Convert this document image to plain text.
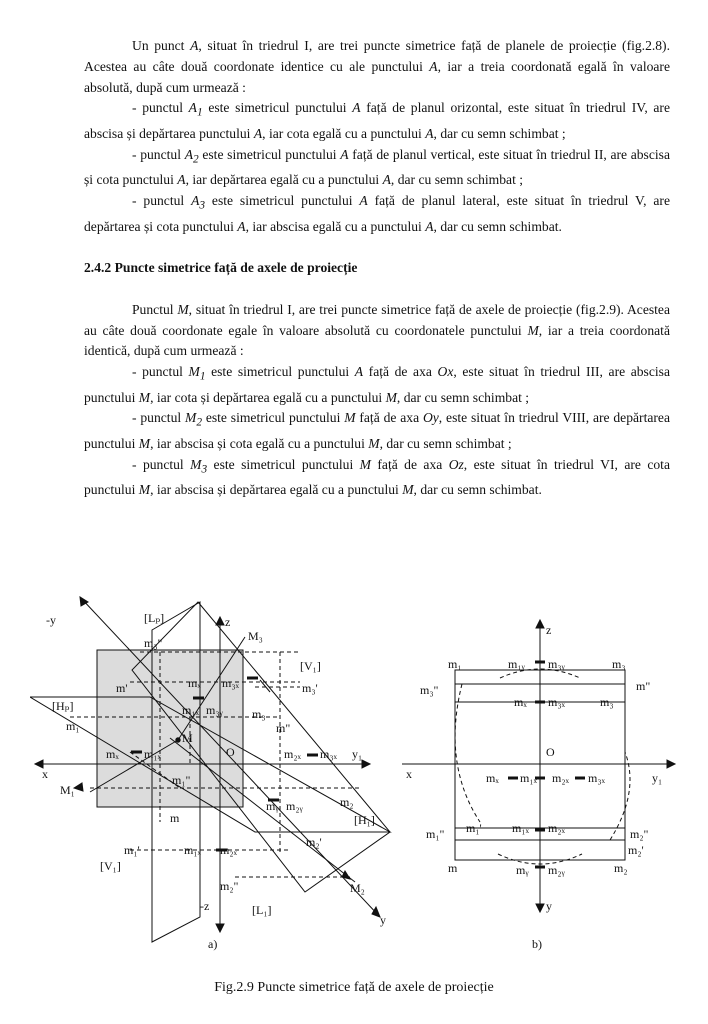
Un punct A, situat în triedrul I, are trei puncte simetrice față de planele de proiecție (fig.2.8). Acestea au câte două coordonate identice cu ale punctului A, iar a treia coordonată egală în valoare absolută, după cum urmează :

- punctul $A_1$ este simetricul punctului A față de planul orizontal, este situat în triedrul IV, are abscisa și depărtarea punctului A, iar cota egală cu a punctului A, dar cu semn schimbat ;

- punctul $A_2$ este simetricul punctului A față de planul vertical, este situat în triedrul II, are abscisa și cota punctului A, iar depărtarea egală cu a punctului A, dar cu semn schimbat ;

- punctul $A_3$ este simetricul punctului A față de planul lateral, este situat în triedrul V, are depărtarea și cota punctului A, iar abscisa egală cu a punctului A, dar cu semn schimbat.

2.4.2 Puncte simetrice față de axele de proiecție

Punctul M, situat în triedrul I, are trei puncte simetrice față de axele de proiecție (fig.2.9). Acestea au câte două coordonate egale în valoare absolută cu coordonatele punctului M, iar a treia coordonată identică, după cum urmează :

- punctul $M_1$ este simetricul punctului A față de axa Ox, este situat în triedrul III, are abscisa punctului M, iar cota și depărtarea egală cu a punctului M, dar cu semn schimbat ;

- punctul $M_2$ este simetricul punctului M față de axa Oy, este situat în triedrul VIII, are depărtarea punctului M, iar abscisa și cota egală cu a punctului M, dar cu semn schimbat ;

- punctul $M_3$ este simetricul punctului M față de axa Oz, este situat în triedrul VI, are cota punctului M, iar abscisa și depărtarea egală cu a punctului M, dar cu semn schimbat.

-y	[Lₚ]	z
M₃
m₃"
[V₁]
m'	mₓ m₃ₓ	m₃'
[Hₚ]
m₁
m₁ₓ m₃ᵧ m₃
M
m"
O
mₓ m₁ₓ	m₂ₓ m₃ₓ y₁
x	m₁"
M₁
mᵧ m₂ᵧ	m₂
m	[H₁]
m₂'
m₁'	m₁ₓ m₂ₓ
[V₁]
m₂"	M₂
-z	[L₁]
y
a)
z
m₁	m₁ᵧ m₃ᵧ	m₃
m₃"	m"
mₓ m₃ₓ	m₃
O
x	mₓ m₁ₓ m₂ₓ m₃ₓ	y₁
m₁" m₁'	m₁ₓ m₂ₓ	m₂"
m₂'
m	mᵧ m₂ᵧ	m₂
y
b)
Fig.2.9 Puncte simetrice față de axele de proiecție
